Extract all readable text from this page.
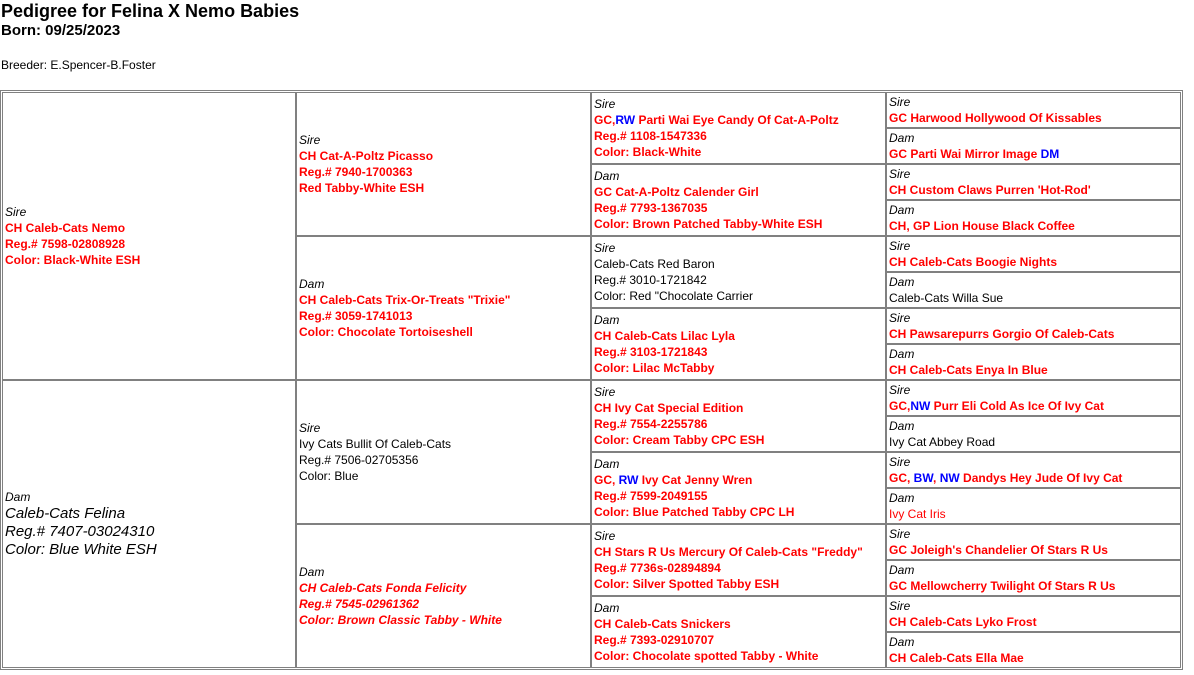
Pedigree for Felina X Nemo Babies
Born: 09/25/2023
Breeder: E.Spencer-B.Foster
Sire
CH Caleb-Cats Nemo
Reg.# 7598-02808928
Color: Black-White ESH
Dam
Caleb-Cats Felina
Reg.# 7407-03024310
Color: Blue White ESH
Sire
CH Cat-A-Poltz Picasso
Reg.# 7940-1700363
Red Tabby-White ESH
Dam
CH Caleb-Cats Trix-Or-Treats "Trixie"
Reg.# 3059-1741013
Color: Chocolate Tortoiseshell
Sire
Ivy Cats Bullit Of Caleb-Cats
Reg.# 7506-02705356
Color: Blue
Dam
CH Caleb-Cats Fonda Felicity
Reg.# 7545-02961362
Color: Brown Classic Tabby - White
Sire
GC,RW Parti Wai Eye Candy Of Cat-A-Poltz
Reg.# 1108-1547336
Color: Black-White
Dam
GC Cat-A-Poltz Calender Girl
Reg.# 7793-1367035
Color: Brown Patched Tabby-White ESH
Sire
Caleb-Cats Red Baron
Reg.# 3010-1721842
Color: Red "Chocolate Carrier
Dam
CH Caleb-Cats Lilac Lyla
Reg.# 3103-1721843
Color: Lilac McTabby
Sire
CH Ivy Cat Special Edition
Reg.# 7554-2255786
Color: Cream Tabby CPC ESH
Dam
GC, RW Ivy Cat Jenny Wren
Reg.# 7599-2049155
Color: Blue Patched Tabby CPC LH
Sire
CH Stars R Us Mercury Of Caleb-Cats "Freddy"
Reg.# 7736s-02894894
Color: Silver Spotted Tabby ESH
Dam
CH Caleb-Cats Snickers
Reg.# 7393-02910707
Color: Chocolate spotted Tabby - White
Sire
GC Harwood Hollywood Of Kissables
Dam
GC Parti Wai Mirror Image DM
Sire
CH Custom Claws Purren 'Hot-Rod'
Dam
CH, GP Lion House Black Coffee
Sire
CH Caleb-Cats Boogie Nights
Dam
Caleb-Cats Willa Sue
Sire
CH Pawsarepurrs Gorgio Of Caleb-Cats
Dam
CH Caleb-Cats Enya In Blue
Sire
GC,NW Purr Eli Cold As Ice Of Ivy Cat
Dam
Ivy Cat Abbey Road
Sire
GC, BW, NW Dandys Hey Jude Of Ivy Cat
Dam
Ivy Cat Iris
Sire
GC Joleigh's Chandelier Of Stars R Us
Dam
GC Mellowcherry Twilight Of Stars R Us
Sire
CH Caleb-Cats Lyko Frost
Dam
CH Caleb-Cats Ella Mae
